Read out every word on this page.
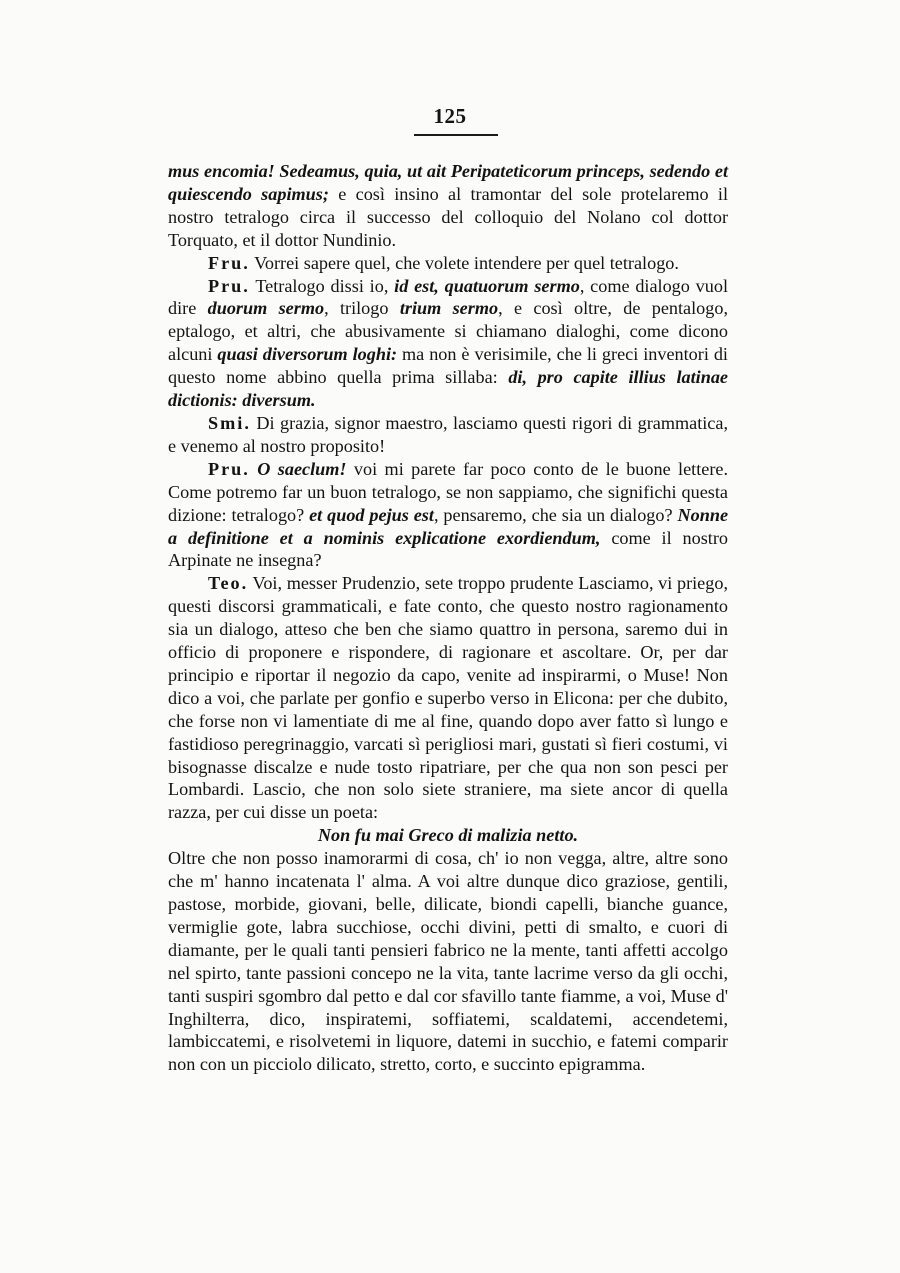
125

mus encomia! Sedeamus, quia, ut ait Peripateticorum princeps, sedendo et quiescendo sapimus; e così insino al tramontar del sole protelaremo il nostro tetralogo circa il successo del colloquio del Nolano col dottor Torquato, et il dottor Nundinio.

Fru. Vorrei sapere quel, che volete intendere per quel tetralogo.

Pru. Tetralogo dissi io, id est, quatuorum sermo, come dialogo vuol dire duorum sermo, trilogo trium sermo, e così oltre, de pentalogo, eptalogo, et altri, che abusivamente si chiamano dialoghi, come dicono alcuni quasi diversorum loghi: ma non è verisimile, che li greci inventori di questo nome abbino quella prima sillaba: di, pro capite illius latinae dictionis: diversum.

Smi. Di grazia, signor maestro, lasciamo questi rigori di grammatica, e venemo al nostro proposito!

Pru. O saeclum! voi mi parete far poco conto de le buone lettere. Come potremo far un buon tetralogo, se non sappiamo, che significhi questa dizione: tetralogo? et quod pejus est, pensaremo, che sia un dialogo? Nonne a definitione et a nominis explicatione exordiendum, come il nostro Arpinate ne insegna?

Teo. Voi, messer Prudenzio, sete troppo prudente Lasciamo, vi priego, questi discorsi grammaticali, e fate conto, che questo nostro ragionamento sia un dialogo, atteso che ben che siamo quattro in persona, saremo dui in officio di proponere e rispondere, di ragionare et ascoltare. Or, per dar principio e riportar il negozio da capo, venite ad inspirarmi, o Muse! Non dico a voi, che parlate per gonfio e superbo verso in Elicona: per che dubito, che forse non vi lamentiate di me al fine, quando dopo aver fatto sì lungo e fastidioso peregrinaggio, varcati sì perigliosi mari, gustati sì fieri costumi, vi bisognasse discalze e nude tosto ripatriare, per che qua non son pesci per Lombardi. Lascio, che non solo siete straniere, ma siete ancor di quella razza, per cui disse un poeta:

Non fu mai Greco di malizia netto.

Oltre che non posso inamorarmi di cosa, ch' io non vegga, altre, altre sono che m' hanno incatenata l' alma. A voi altre dunque dico graziose, gentili, pastose, morbide, giovani, belle, dilicate, biondi capelli, bianche guance, vermiglie gote, labra succhiose, occhi divini, petti di smalto, e cuori di diamante, per le quali tanti pensieri fabrico ne la mente, tanti affetti accolgo nel spirto, tante passioni concepo ne la vita, tante lacrime verso da gli occhi, tanti suspiri sgombro dal petto e dal cor sfavillo tante fiamme, a voi, Muse d' Inghilterra, dico, inspiratemi, soffiatemi, scaldatemi, accendetemi, lambiccatemi, e risolvetemi in liquore, datemi in succhio, e fatemi comparir non con un picciolo dilicato, stretto, corto, e succinto epigramma.
